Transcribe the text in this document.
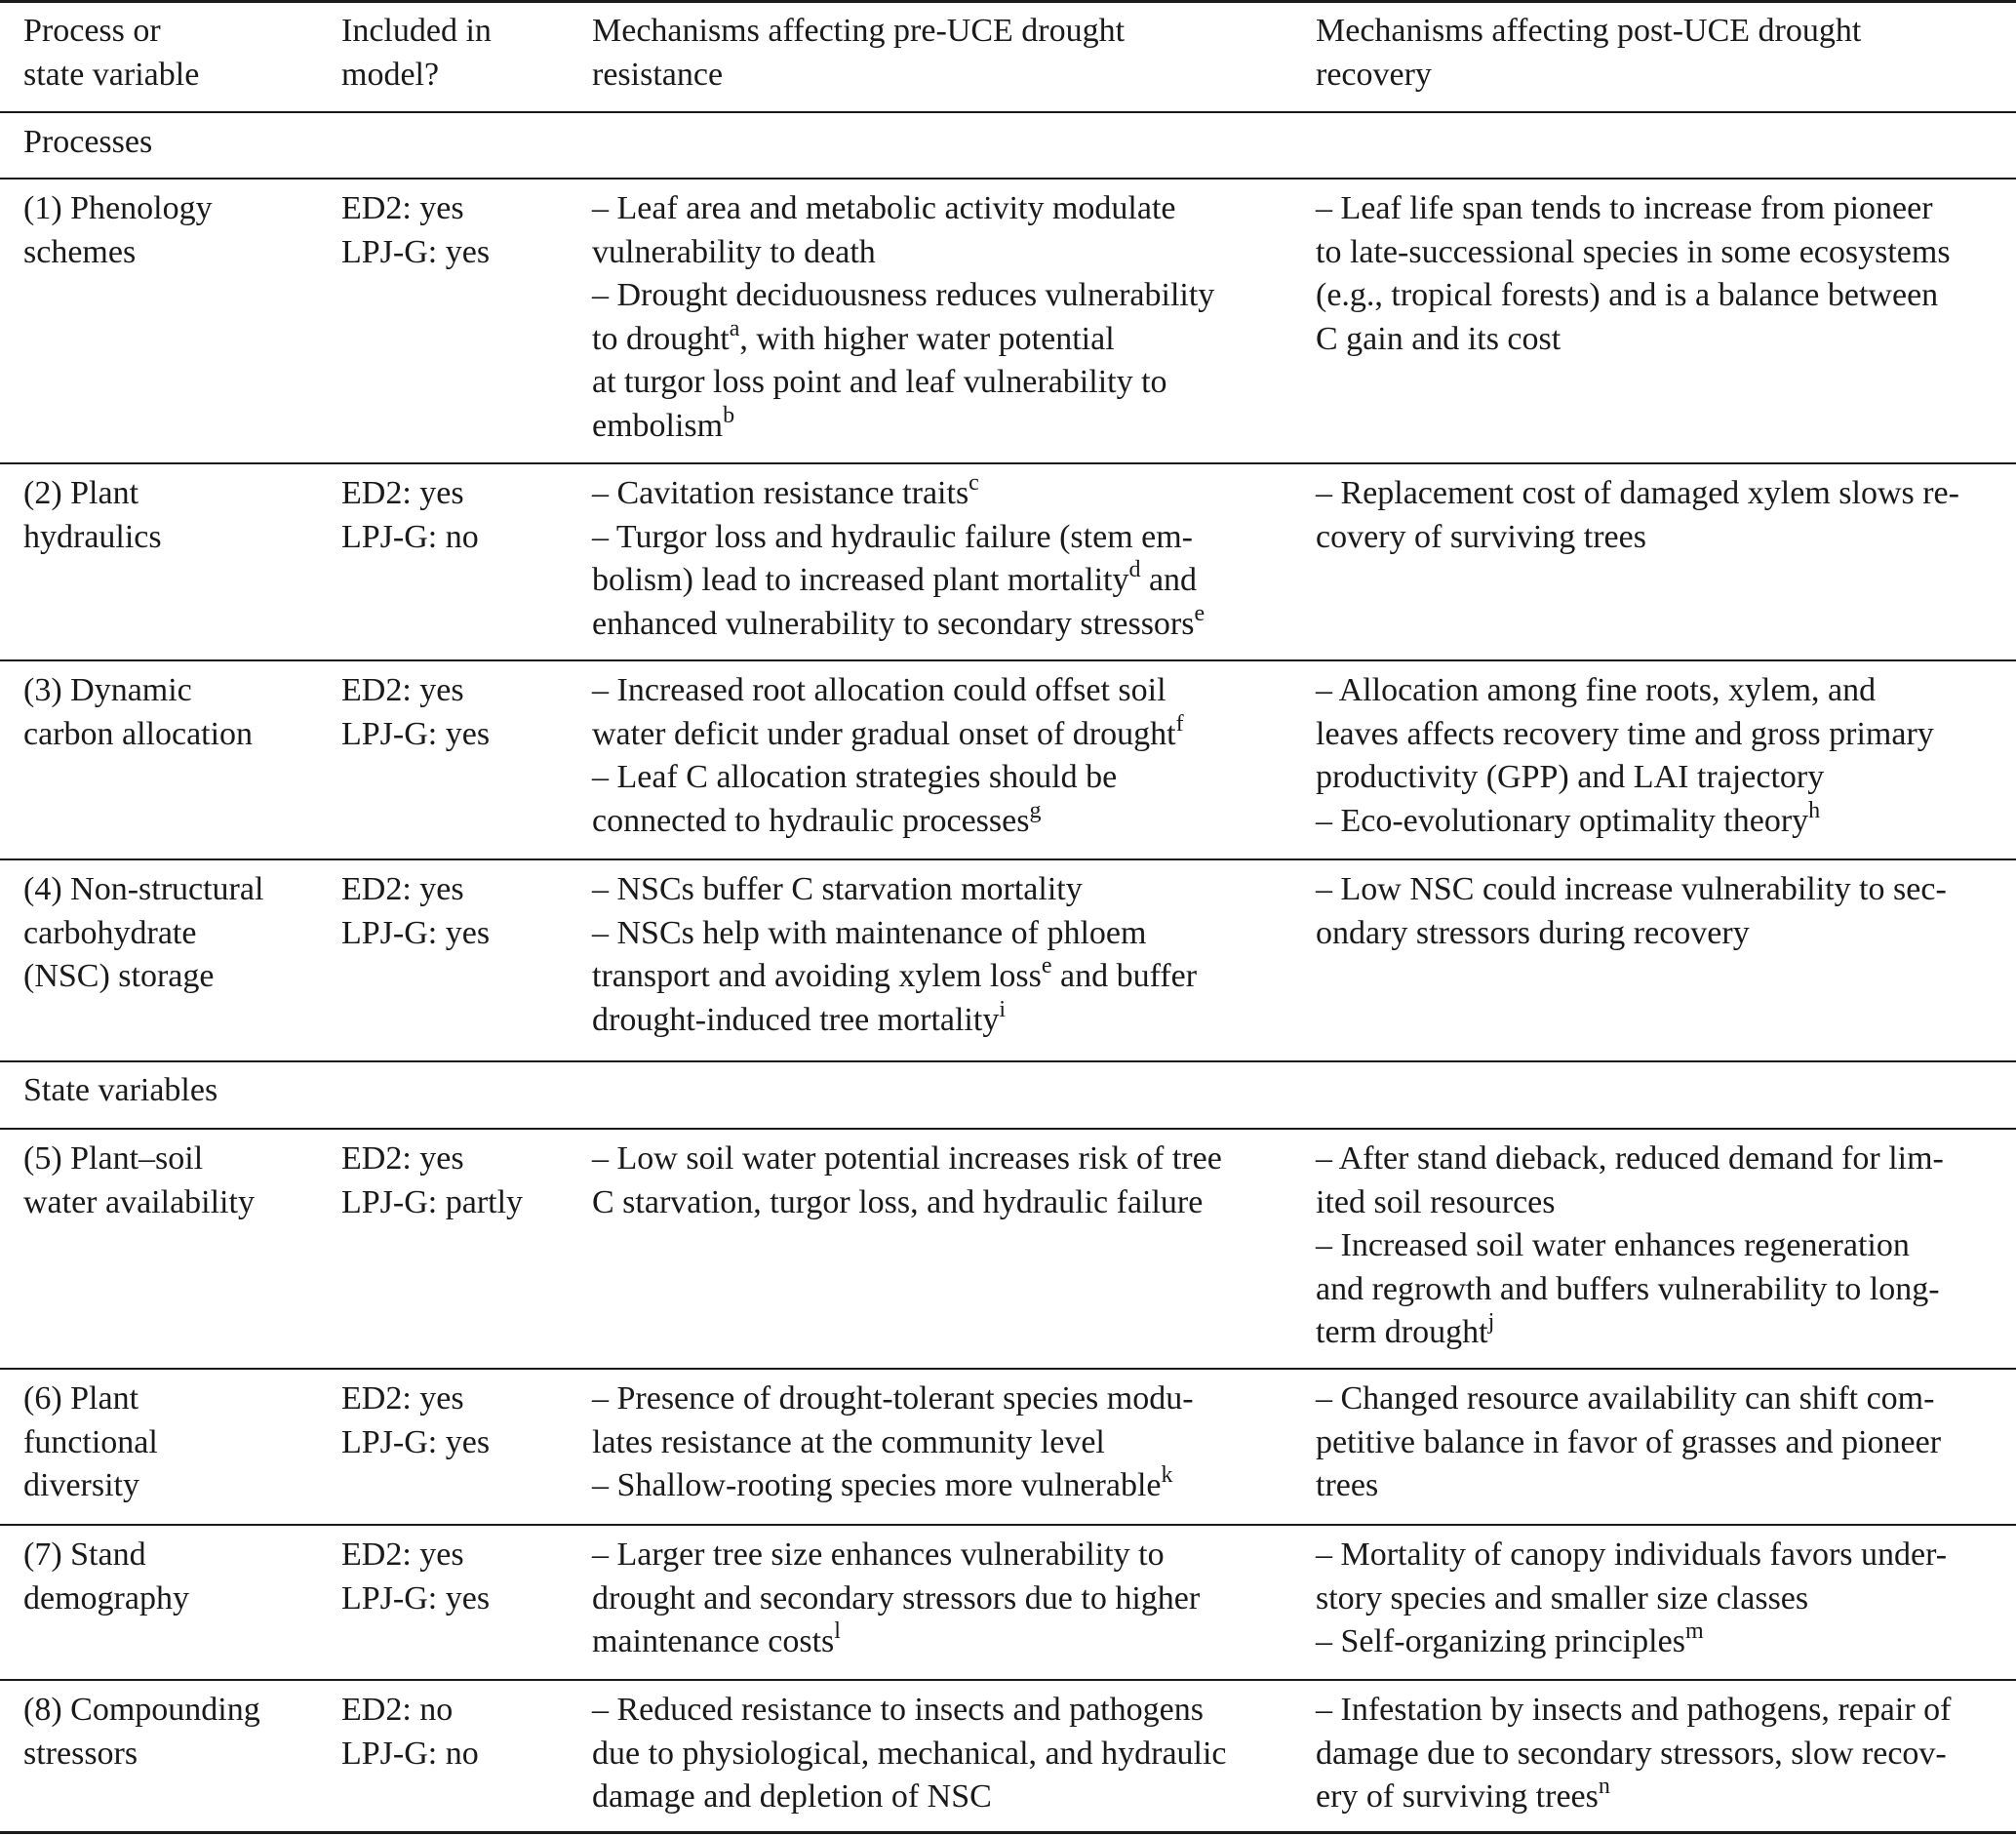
Process or
state variable
Included in
model?
Mechanisms affecting pre-UCE drought
resistance
Mechanisms affecting post-UCE drought
recovery
Processes
State variables
(1) Phenology
schemes
ED2: yes
LPJ-G: yes
– Leaf area and metabolic activity modulate
vulnerability to death
– Drought deciduousness reduces vulnerability
to drought$^a$, with higher water potential
at turgor loss point and leaf vulnerability to
embolism$^b$
– Leaf life span tends to increase from pioneer
to late-successional species in some ecosystems
(e.g., tropical forests) and is a balance between
C gain and its cost
(2) Plant
hydraulics
ED2: yes
LPJ-G: no
– Cavitation resistance traits$^c$
– Turgor loss and hydraulic failure (stem em-
bolism) lead to increased plant mortality$^d$ and
enhanced vulnerability to secondary stressors$^e$
– Replacement cost of damaged xylem slows re-
covery of surviving trees
(3) Dynamic
carbon allocation
ED2: yes
LPJ-G: yes
– Increased root allocation could offset soil
water deficit under gradual onset of drought$^f$
– Leaf C allocation strategies should be
connected to hydraulic processes$^g$
– Allocation among fine roots, xylem, and
leaves affects recovery time and gross primary
productivity (GPP) and LAI trajectory
– Eco-evolutionary optimality theory$^h$
(4) Non-structural
carbohydrate
(NSC) storage
ED2: yes
LPJ-G: yes
– NSCs buffer C starvation mortality
– NSCs help with maintenance of phloem
transport and avoiding xylem loss$^e$ and buffer
drought-induced tree mortality$^i$
– Low NSC could increase vulnerability to sec-
ondary stressors during recovery
(5) Plant–soil
water availability
ED2: yes
LPJ-G: partly
– Low soil water potential increases risk of tree
C starvation, turgor loss, and hydraulic failure
– After stand dieback, reduced demand for lim-
ited soil resources
– Increased soil water enhances regeneration
and regrowth and buffers vulnerability to long-
term drought$^j$
(6) Plant
functional
diversity
ED2: yes
LPJ-G: yes
– Presence of drought-tolerant species modu-
lates resistance at the community level
– Shallow-rooting species more vulnerable$^k$
– Changed resource availability can shift com-
petitive balance in favor of grasses and pioneer
trees
(7) Stand
demography
ED2: yes
LPJ-G: yes
– Larger tree size enhances vulnerability to
drought and secondary stressors due to higher
maintenance costs$^l$
– Mortality of canopy individuals favors under-
story species and smaller size classes
– Self-organizing principles$^m$
(8) Compounding
stressors
ED2: no
LPJ-G: no
– Reduced resistance to insects and pathogens
due to physiological, mechanical, and hydraulic
damage and depletion of NSC
– Infestation by insects and pathogens, repair of
damage due to secondary stressors, slow recov-
ery of surviving trees$^n$
